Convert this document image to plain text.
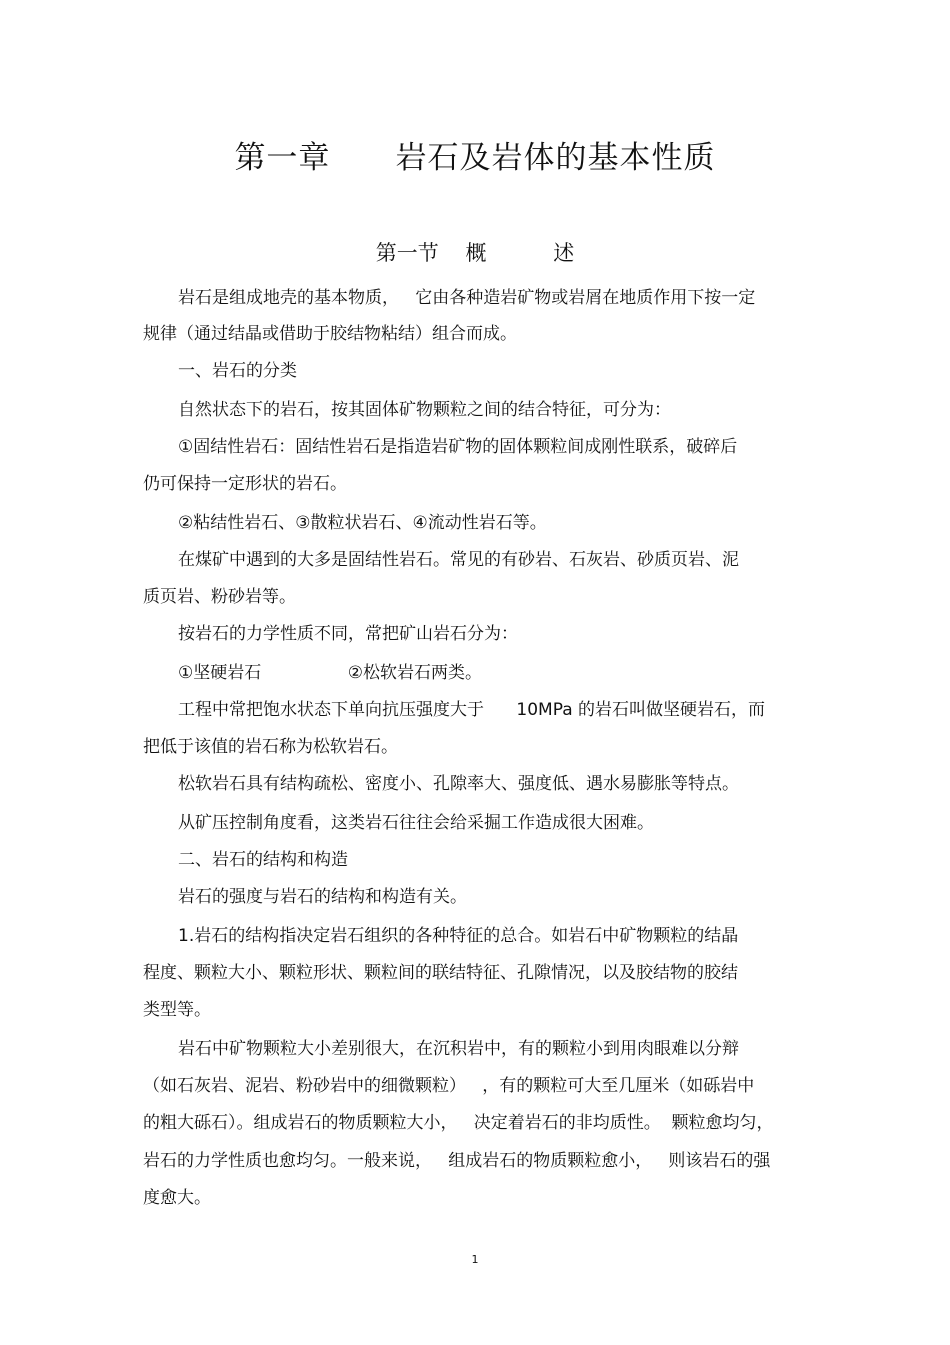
第一章      岩石及岩体的基本性质
第一节    概          述
岩石是组成地壳的基本物质，   它由各种造岩矿物或岩屑在地质作用下按一定
规律（通过结晶或借助于胶结物粘结）组合而成。
一、岩石的分类
自然状态下的岩石，按其固体矿物颗粒之间的结合特征，可分为：
①固结性岩石：固结性岩石是指造岩矿物的固体颗粒间成刚性联系，破碎后
仍可保持一定形状的岩石。
②粘结性岩石、③散粒状岩石、④流动性岩石等。
在煤矿中遇到的大多是固结性岩石。常见的有砂岩、石灰岩、砂质页岩、泥
质页岩、粉砂岩等。
按岩石的力学性质不同，常把矿山岩石分为：
①坚硬岩石                ②松软岩石两类。
工程中常把饱水状态下单向抗压强度大于      10MPa 的岩石叫做坚硬岩石，而
把低于该值的岩石称为松软岩石。
松软岩石具有结构疏松、密度小、孔隙率大、强度低、遇水易膨胀等特点。
从矿压控制角度看，这类岩石往往会给采掘工作造成很大困难。
二、岩石的结构和构造
岩石的强度与岩石的结构和构造有关。
1.岩石的结构指决定岩石组织的各种特征的总合。如岩石中矿物颗粒的结晶
程度、颗粒大小、颗粒形状、颗粒间的联结特征、孔隙情况，以及胶结物的胶结
类型等。
岩石中矿物颗粒大小差别很大，在沉积岩中，有的颗粒小到用肉眼难以分辩
（如石灰岩、泥岩、粉砂岩中的细微颗粒）   ，有的颗粒可大至几厘米（如砾岩中
的粗大砾石）。组成岩石的物质颗粒大小，   决定着岩石的非均质性。  颗粒愈均匀，
岩石的力学性质也愈均匀。一般来说，   组成岩石的物质颗粒愈小，   则该岩石的强
度愈大。
1
